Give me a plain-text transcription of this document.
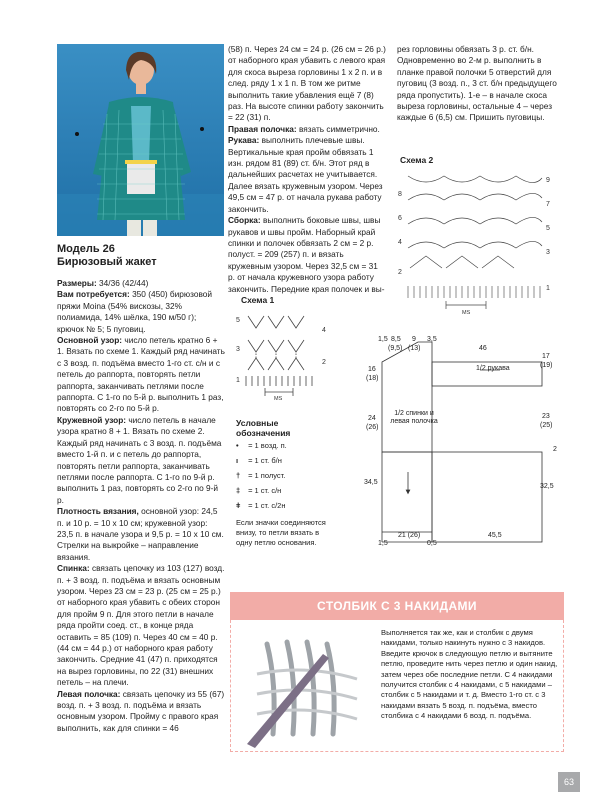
Модель 26
Бирюзовый жакет

Размеры: 34/36 (42/44)

Вам потребуется: 350 (450) бирюзовой пряжи Moina (54% вискозы, 32% полиамида, 14% шёлка, 190 м/50 г); крючок № 5; 5 пуговиц.

Основной узор: число петель кратно 6 + 1. Вязать по схеме 1. Каждый ряд начинать с 3 возд. п. подъёма вместо 1-го ст. с/н и с петель до раппорта, повторять петли раппорта, заканчивать петлями после раппорта. С 1-го по 5-й р. выполнить 1 раз, повторять со 2-го по 5-й р.

Кружевной узор: число петель в начале узора кратно 8 + 1. Вязать по схеме 2. Каждый ряд начинать с 3 возд. п. подъёма вместо 1-й п. и с петель до раппорта, повторять петли раппорта, заканчивать петлями после раппорта. С 1-го по 9-й р. выполнить 1 раз, повторять со 2-го по 9-й р.

Плотность вязания, основной узор: 24,5 п. и 10 р. = 10 х 10 см; кружевной узор: 23,5 п. в начале узора и 9,5 р. = 10 х 10 см.

Стрелки на выкройке – направление вязания.

Спинка: связать цепочку из 103 (127) возд. п. + 3 возд. п. подъёма и вязать основным узором. Через 23 см = 23 р. (25 см = 25 р.) от наборного края убавить с обеих сторон для пройм 9 п. Для этого петли в начале ряда пройти соед. ст., в конце ряда оставить = 85 (109) п. Через 40 см = 40 р. (44 см = 44 р.) от наборного края работу закончить. Средние 41 (47) п. приходятся на вырез горловины, по 22 (31) внешних петель – на плечи.

Левая полочка: связать цепочку из 55 (67) возд. п. + 3 возд. п. подъёма и вязать основным узором. Пройму с правого края выполнить, как для спинки = 46

(58) п. Через 24 см = 24 р. (26 см = 26 р.) от наборного края убавить с левого края для скоса выреза горловины 1 х 2 п. и в след. ряду 1 х 1 п. В том же ритме выполнить такие убавления ещё 7 (8) раз. На высоте спинки работу закончить = 22 (31) п.

Правая полочка: вязать симметрично.

Рукава: выполнить плечевые швы. Вертикальные края пройм обвязать 1 изн. рядом 81 (89) ст. б/н. Этот ряд в дальнейших расчетах не учитывается. Далее вязать кружевным узором. Через 49,5 см = 47 р. от начала рукава работу закончить.

Сборка: выполнить боковые швы, швы рукавов и швы пройм. Наборный край спинки и полочек обвязать 2 см = 2 р. полуст. = 209 (257) п. и вязать кружевным узором. Через 32,5 см = 31 р. от начала кружевного узора работу закончить. Передние края полочек и вы-

рез горловины обвязать 3 р. ст. б/н. Одновременно во 2-м р. выполнить в планке правой полочки 5 отверстий для пуговиц (3 возд. п., 3 ст. б/н предыдущего ряда пропустить). 1-е – в начале скоса выреза горловины, остальные 4 – через каждые 6 (6,5) см. Пришить пуговицы.

Схема 1
5
4
3
2
1
MS
Условные обозначения
• = 1 возд. п.
ı = 1 ст. б/н
† = 1 полуст.
‡ = 1 ст. с/н
ǂ = 1 ст. с/2н
Если значки соединяются внизу, то петли вязать в одну петлю основания.
Схема 2
9
8
7
6
5
4
3
2
1
MS
1,5 8,5
(9,5)
9
(13)
3,5
46
1/2 рукава
1/2 спинки и левая полочка
16
(18)
24
(26)
34,5
17
(19)
23
(25)
2
32,5
1,5
21 (26)
0,5
45,5
СТОЛБИК С 3 НАКИДАМИ
Выполняется так же, как и столбик с двумя накидами, только накинуть нужно с 3 накидов. Введите крючок в следующую петлю и вытяните петлю, проведите нить через петлю и один накид, затем через обе последние петли. С 4 накидами получится столбик с 4 накидами, с 5 накидами – столбик с 5 накидами и т. д. Вместо 1-го ст. с 3 накидами вязать 5 возд. п. подъёма, вместо столбика с 4 накидами 6 возд. п. подъёма.
63
